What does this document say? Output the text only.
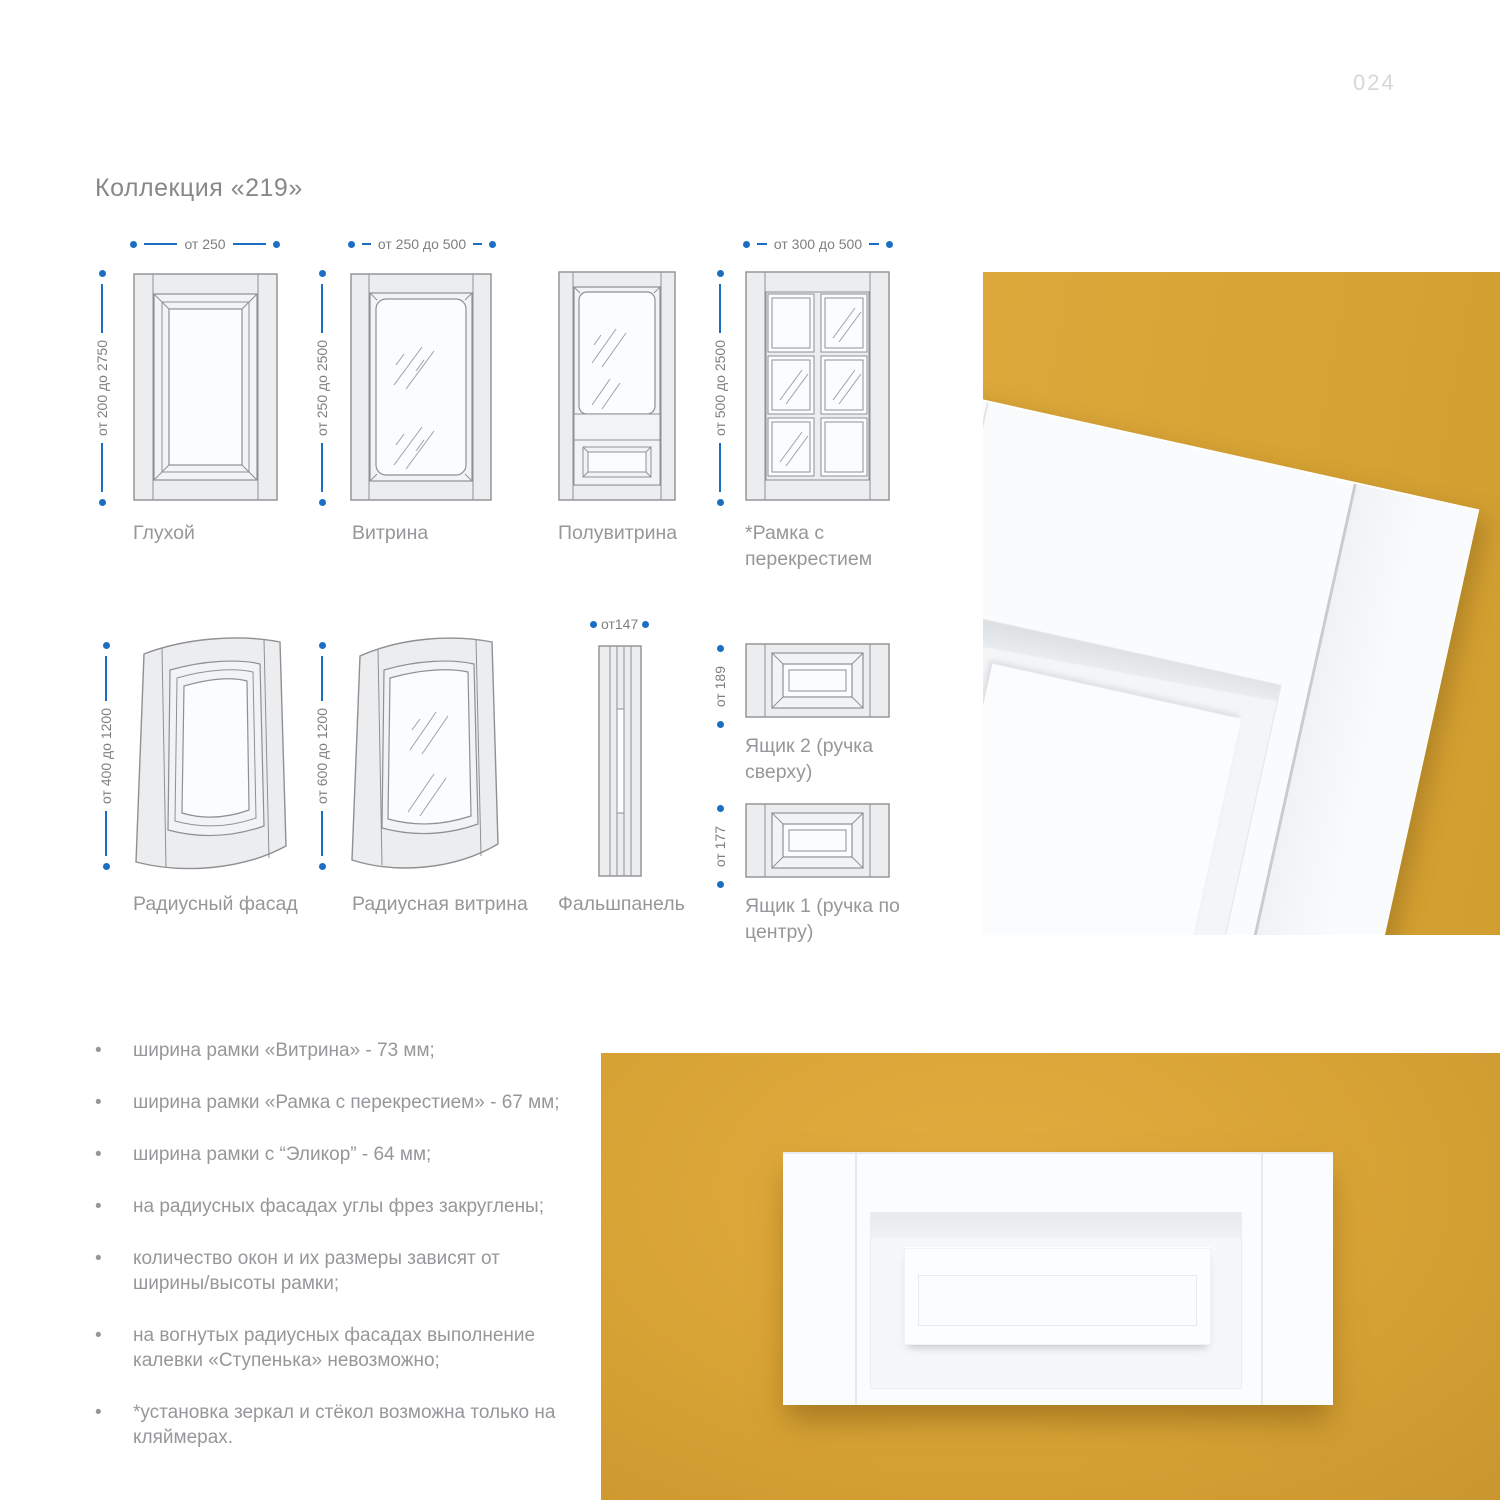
024
Коллекция «219»
от 250
от 200 до 2750
Глухой
от 250 до 500
от 250 до 2500
Витрина	Полувитрина
от 300 до 500
от 500 до 2500
*Рамка с перекрестием
от 400 до 1200
Радиусный фасад
от 600 до 1200
Радиусная витрина
от147
Фальшпанель
от 189
Ящик 2 (ручка сверху)
от 177
Ящик 1 (ручка по центру)
•	ширина рамки «Витрина» - 73 мм;
•	ширина рамки «Рамка с перекрестием» - 67 мм;
•	ширина рамки с “Эликор” - 64 мм;
•	на радиусных фасадах углы фрез закруглены;
•	количество окон и их размеры зависят от ширины/высоты рамки;
•	на вогнутых радиусных фасадах выполнение калевки «Ступенька» невозможно;
•	*установка зеркал и стёкол возможна только на кляймерах.
